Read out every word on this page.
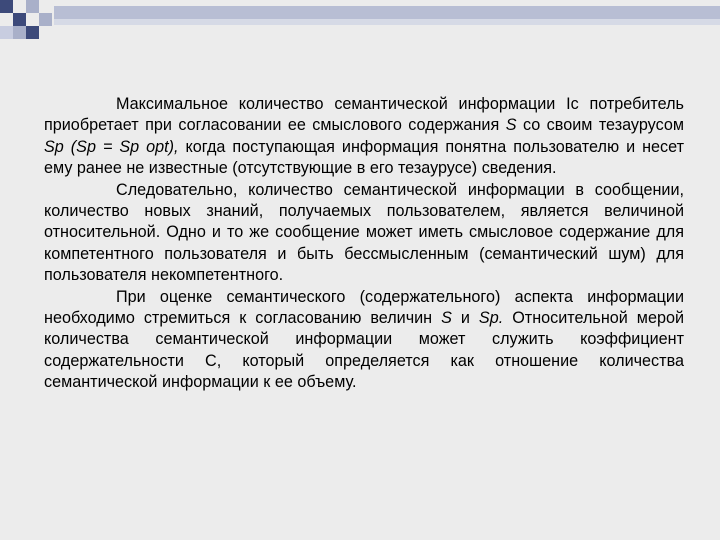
Максимальное количество семантической информации Ic потребитель приобретает при согласовании ее смыслового содержания S со своим тезаурусом Sp (Sp = Sp opt), когда поступающая информация понятна пользователю и несет ему ранее не известные (отсутствующие в его тезаурусе) сведения.

Следовательно, количество семантической информации в сообщении, количество новых знаний, получаемых пользователем, является величиной относительной. Одно и то же сообщение может иметь смысловое содержание для компетентного пользователя и быть бессмысленным (семантический шум) для пользователя некомпетентного.

При оценке семантического (содержательного) аспекта информации необходимо стремиться к согласованию величин S и Sp. Относительной мерой количества семантической информации может служить коэффициент содержательности С, который определяется как отношение количества семантической информации к ее объему.
